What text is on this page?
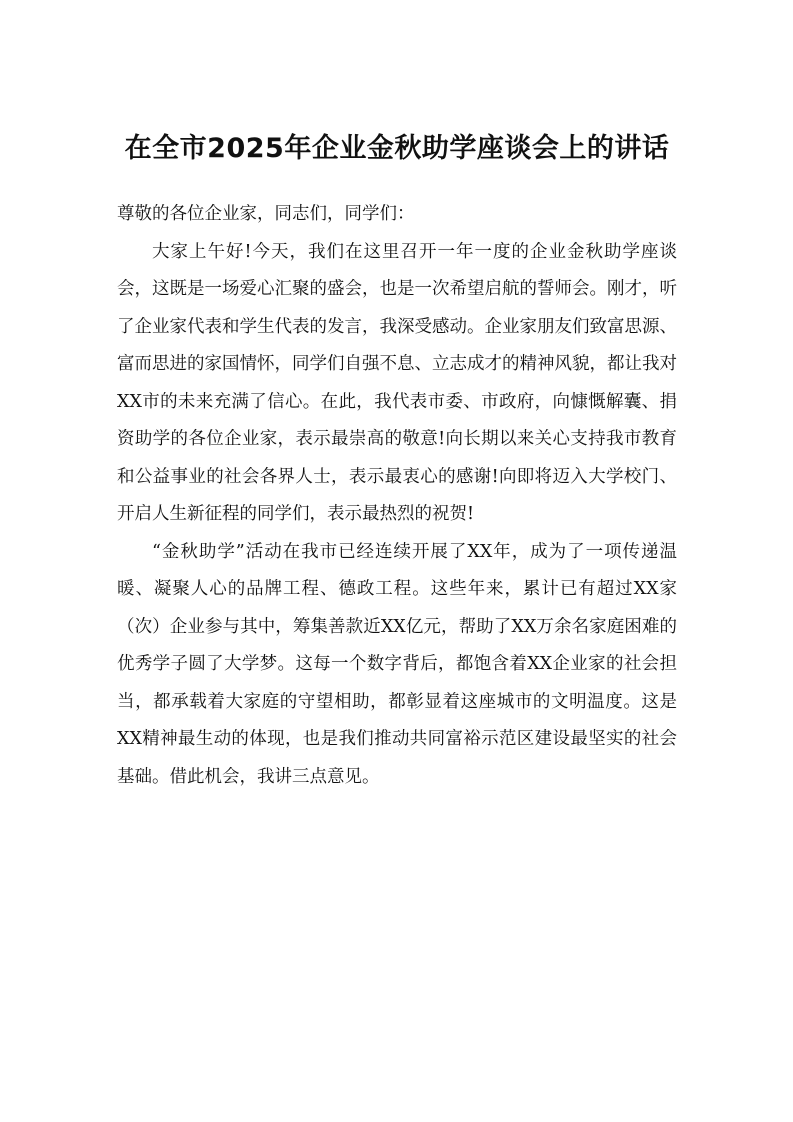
在全市2025年企业金秋助学座谈会上的讲话

尊敬的各位企业家，同志们，同学们：

大家上午好!今天，我们在这里召开一年一度的企业金秋助学座谈会，这既是一场爱心汇聚的盛会，也是一次希望启航的誓师会。刚才，听了企业家代表和学生代表的发言，我深受感动。企业家朋友们致富思源、富而思进的家国情怀，同学们自强不息、立志成才的精神风貌，都让我对XX市的未来充满了信心。在此，我代表市委、市政府，向慷慨解囊、捐资助学的各位企业家，表示最崇高的敬意!向长期以来关心支持我市教育和公益事业的社会各界人士，表示最衷心的感谢!向即将迈入大学校门、开启人生新征程的同学们，表示最热烈的祝贺!

“金秋助学”活动在我市已经连续开展了XX年，成为了一项传递温暖、凝聚人心的品牌工程、德政工程。这些年来，累计已有超过XX家（次）企业参与其中，筹集善款近XX亿元，帮助了XX万余名家庭困难的优秀学子圆了大学梦。这每一个数字背后，都饱含着XX企业家的社会担当，都承载着大家庭的守望相助，都彰显着这座城市的文明温度。这是XX精神最生动的体现，也是我们推动共同富裕示范区建设最坚实的社会基础。借此机会，我讲三点意见。
